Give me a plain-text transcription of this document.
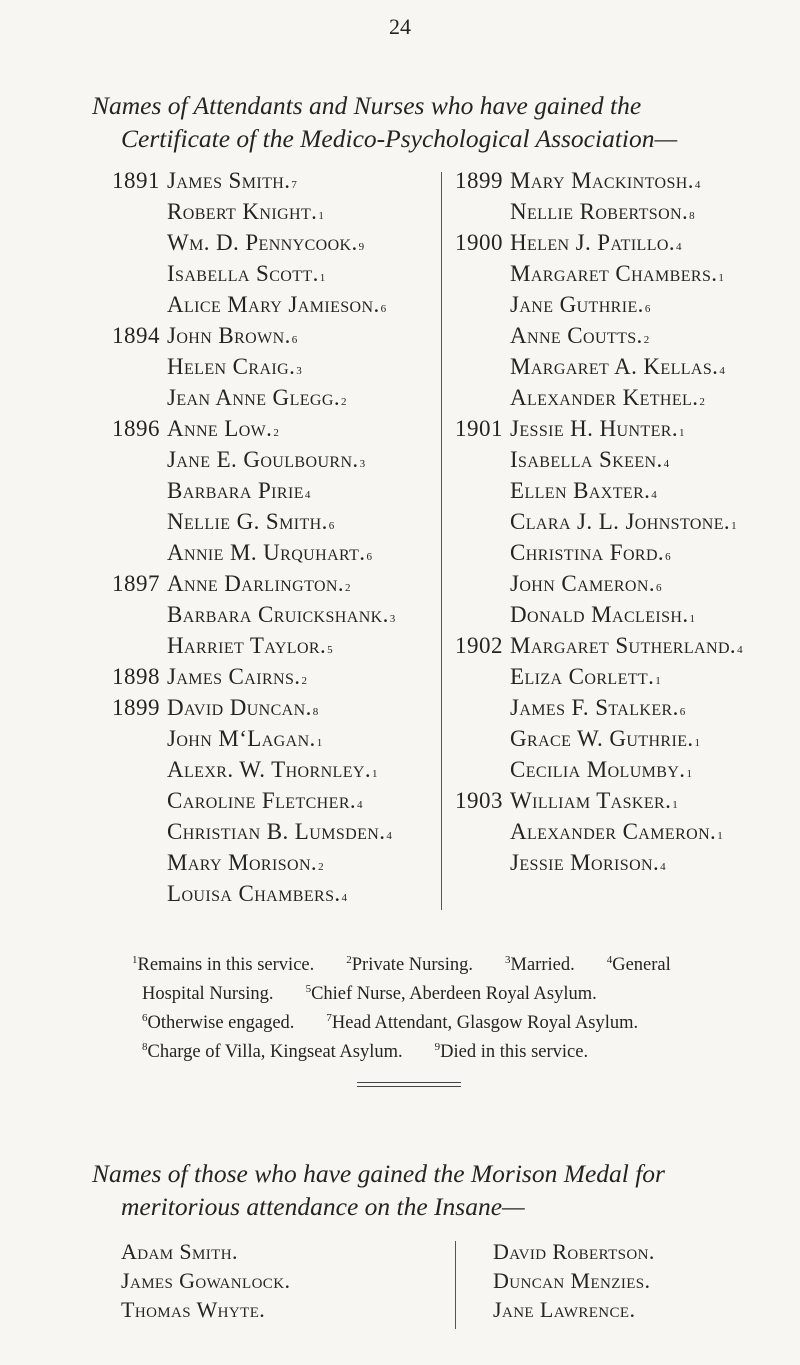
24
Names of Attendants and Nurses who have gained the
Certificate of the Medico-Psychological Association—
1891 James Smith. 7
Robert Knight. 1
Wm. D. Pennycook. 9
Isabella Scott. 1
Alice Mary Jamieson. 6
1894 John Brown. 6
Helen Craig. 3
Jean Anne Glegg. 2
1896 Anne Low. 2
Jane E. Goulbourn. 3
Barbara Pirie 4
Nellie G. Smith. 6
Annie M. Urquhart. 6
1897 Anne Darlington. 2
Barbara Cruickshank. 3
Harriet Taylor. 5
1898 James Cairns. 2
1899 David Duncan. 8
John M‘Lagan. 1
Alexr. W. Thornley. 1
Caroline Fletcher. 4
Christian B. Lumsden. 4
Mary Morison. 2
Louisa Chambers. 4
1899 Mary Mackintosh. 4
Nellie Robertson. 8
1900 Helen J. Patillo. 4
Margaret Chambers. 1
Jane Guthrie. 6
Anne Coutts. 2
Margaret A. Kellas. 4
Alexander Kethel. 2
1901 Jessie H. Hunter. 1
Isabella Skeen. 4
Ellen Baxter. 4
Clara J. L. Johnstone. 1
Christina Ford. 6
John Cameron. 6
Donald Macleish. 1
1902 Margaret Sutherland. 4
Eliza Corlett. 1
James F. Stalker. 6
Grace W. Guthrie. 1
Cecilia Molumby. 1
1903 William Tasker. 1
Alexander Cameron. 1
Jessie Morison. 4
$^1$Remains in this service.	$^2$Private Nursing.	$^3$Married.	$^4$General
Hospital Nursing.	$^5$Chief Nurse, Aberdeen Royal Asylum.
$^6$Otherwise engaged.	$^7$Head Attendant, Glasgow Royal Asylum.
$^8$Charge of Villa, Kingseat Asylum.	$^9$Died in this service.
Names of those who have gained the Morison Medal for
meritorious attendance on the Insane—
Adam Smith.
James Gowanlock.
Thomas Whyte.
David Robertson.
Duncan Menzies.
Jane Lawrence.
